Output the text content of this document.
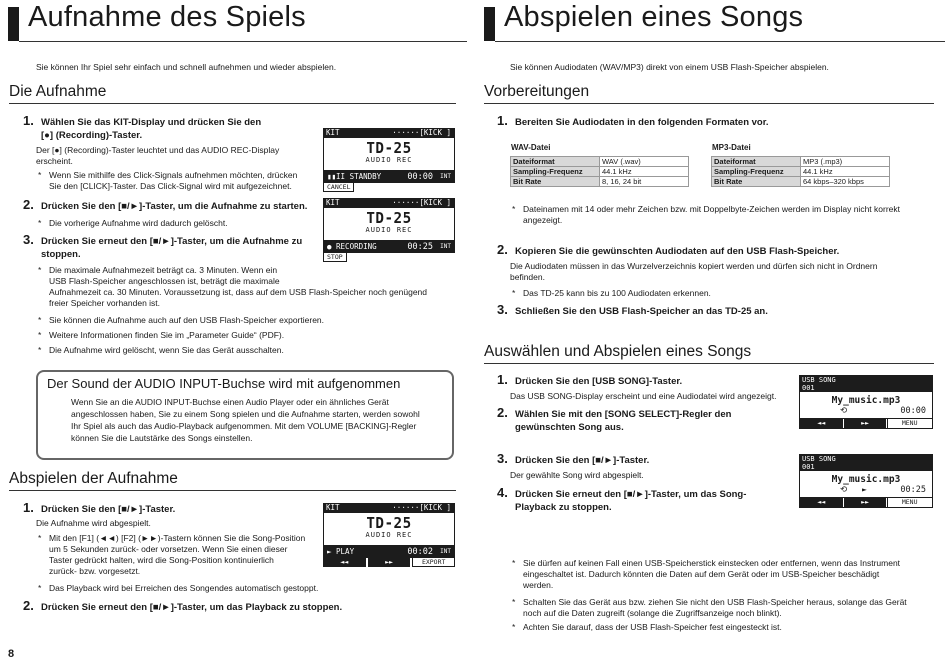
Aufnahme des Spiels
Sie können Ihr Spiel sehr einfach und schnell aufnehmen und wieder abspielen.
Die Aufnahme
1. Wählen Sie das KIT-Display und drücken Sie den
[●] (Recording)-Taster.
Der [●] (Recording)-Taster leuchtet und das AUDIO REC-Display
erscheint.
* Wenn Sie mithilfe des Click-Signals aufnehmen möchten, drücken
Sie den [CLICK]-Taster. Das Click-Signal wird mit aufgezeichnet.
2. Drücken Sie den [■/►]-Taster, um die Aufnahme zu starten.
* Die vorherige Aufnahme wird dadurch gelöscht.
3. Drücken Sie erneut den [■/►]-Taster, um die Aufnahme zu
stoppen.
* Die maximale Aufnahmezeit beträgt ca. 3 Minuten. Wenn ein
USB Flash-Speicher angeschlossen ist, beträgt die maximale
Aufnahmezeit ca. 30 Minuten. Voraussetzung ist, dass auf dem USB Flash-Speicher noch genügend
freier Speicher vorhanden ist.
* Sie können die Aufnahme auch auf den USB Flash-Speicher exportieren.
* Weitere Informationen finden Sie im „Parameter Guide“ (PDF).
* Die Aufnahme wird gelöscht, wenn Sie das Gerät ausschalten.
KIT	······[KICK ]
TD-25
AUDIO REC
▮▮II STANDBY	00:00 INT
CANCEL
KIT	······[KICK ]
TD-25
AUDIO REC
● RECORDING	00:25 INT
STOP
Der Sound der AUDIO INPUT-Buchse wird mit aufgenommen
Wenn Sie an die AUDIO INPUT-Buchse einen Audio Player oder ein ähnliches Gerät
angeschlossen haben, Sie zu einem Song spielen und die Aufnahme starten, werden sowohl
Ihr Spiel als auch das Audio-Playback aufgenommen. Mit dem VOLUME [BACKING]-Regler
können Sie die Lautstärke des Songs einstellen.
Abspielen der Aufnahme
1. Drücken Sie den [■/►]-Taster.
Die Aufnahme wird abgespielt.
* Mit den [F1] (◄◄) [F2] (►►)-Tastern können Sie die Song-Position
um 5 Sekunden zurück- oder vorsetzen. Wenn Sie einen dieser
Taster gedrückt halten, wird die Song-Position kontinuierlich
zurück- bzw. vorgesetzt.
* Das Playback wird bei Erreichen des Songendes automatisch gestoppt.
2. Drücken Sie erneut den [■/►]-Taster, um das Playback zu stoppen.
KIT	······[KICK ]
TD-25
AUDIO REC
► PLAY	00:02 INT
◄◄	►►	EXPORT
8
Abspielen eines Songs
Sie können Audiodaten (WAV/MP3) direkt von einem USB Flash-Speicher abspielen.
Vorbereitungen
1. Bereiten Sie Audiodaten in den folgenden Formaten vor.
WAV-Datei
Dateiformat	WAV (.wav)
Sampling-Frequenz	44.1 kHz
Bit Rate	8, 16, 24 bit
MP3-Datei
Dateiformat	MP3 (.mp3)
Sampling-Frequenz	44.1 kHz
Bit Rate	64 kbps–320 kbps
* Dateinamen mit 14 oder mehr Zeichen bzw. mit Doppelbyte-Zeichen werden im Display nicht korrekt
angezeigt.
2. Kopieren Sie die gewünschten Audiodaten auf den USB Flash-Speicher.
Die Audiodaten müssen in das Wurzelverzeichnis kopiert werden und dürfen sich nicht in Ordnern
befinden.
* Das TD-25 kann bis zu 100 Audiodaten erkennen.
3. Schließen Sie den USB Flash-Speicher an das TD-25 an.
Auswählen und Abspielen eines Songs
1. Drücken Sie den [USB SONG]-Taster.
Das USB SONG-Display erscheint und eine Audiodatei wird angezeigt.
2. Wählen Sie mit den [SONG SELECT]-Regler den
gewünschten Song aus.
3. Drücken Sie den [■/►]-Taster.
Der gewählte Song wird abgespielt.
4. Drücken Sie erneut den [■/►]-Taster, um das Song-
Playback zu stoppen.
USB SONG
001
My_music.mp3
⟲	00:00
◄◄	►►	MENU
USB SONG
001
My_music.mp3
⟲ ►	00:25
◄◄	►►	MENU
* Sie dürfen auf keinen Fall einen USB-Speicherstick einstecken oder entfernen, wenn das Instrument
eingeschaltet ist. Dadurch könnten die Daten auf dem Gerät oder im USB-Speicher beschädigt
werden.
* Schalten Sie das Gerät aus bzw. ziehen Sie nicht den USB Flash-Speicher heraus, solange das Gerät
noch auf die Daten zugreift (solange die Zugriffsanzeige noch blinkt).
* Achten Sie darauf, dass der USB Flash-Speicher fest eingesteckt ist.
